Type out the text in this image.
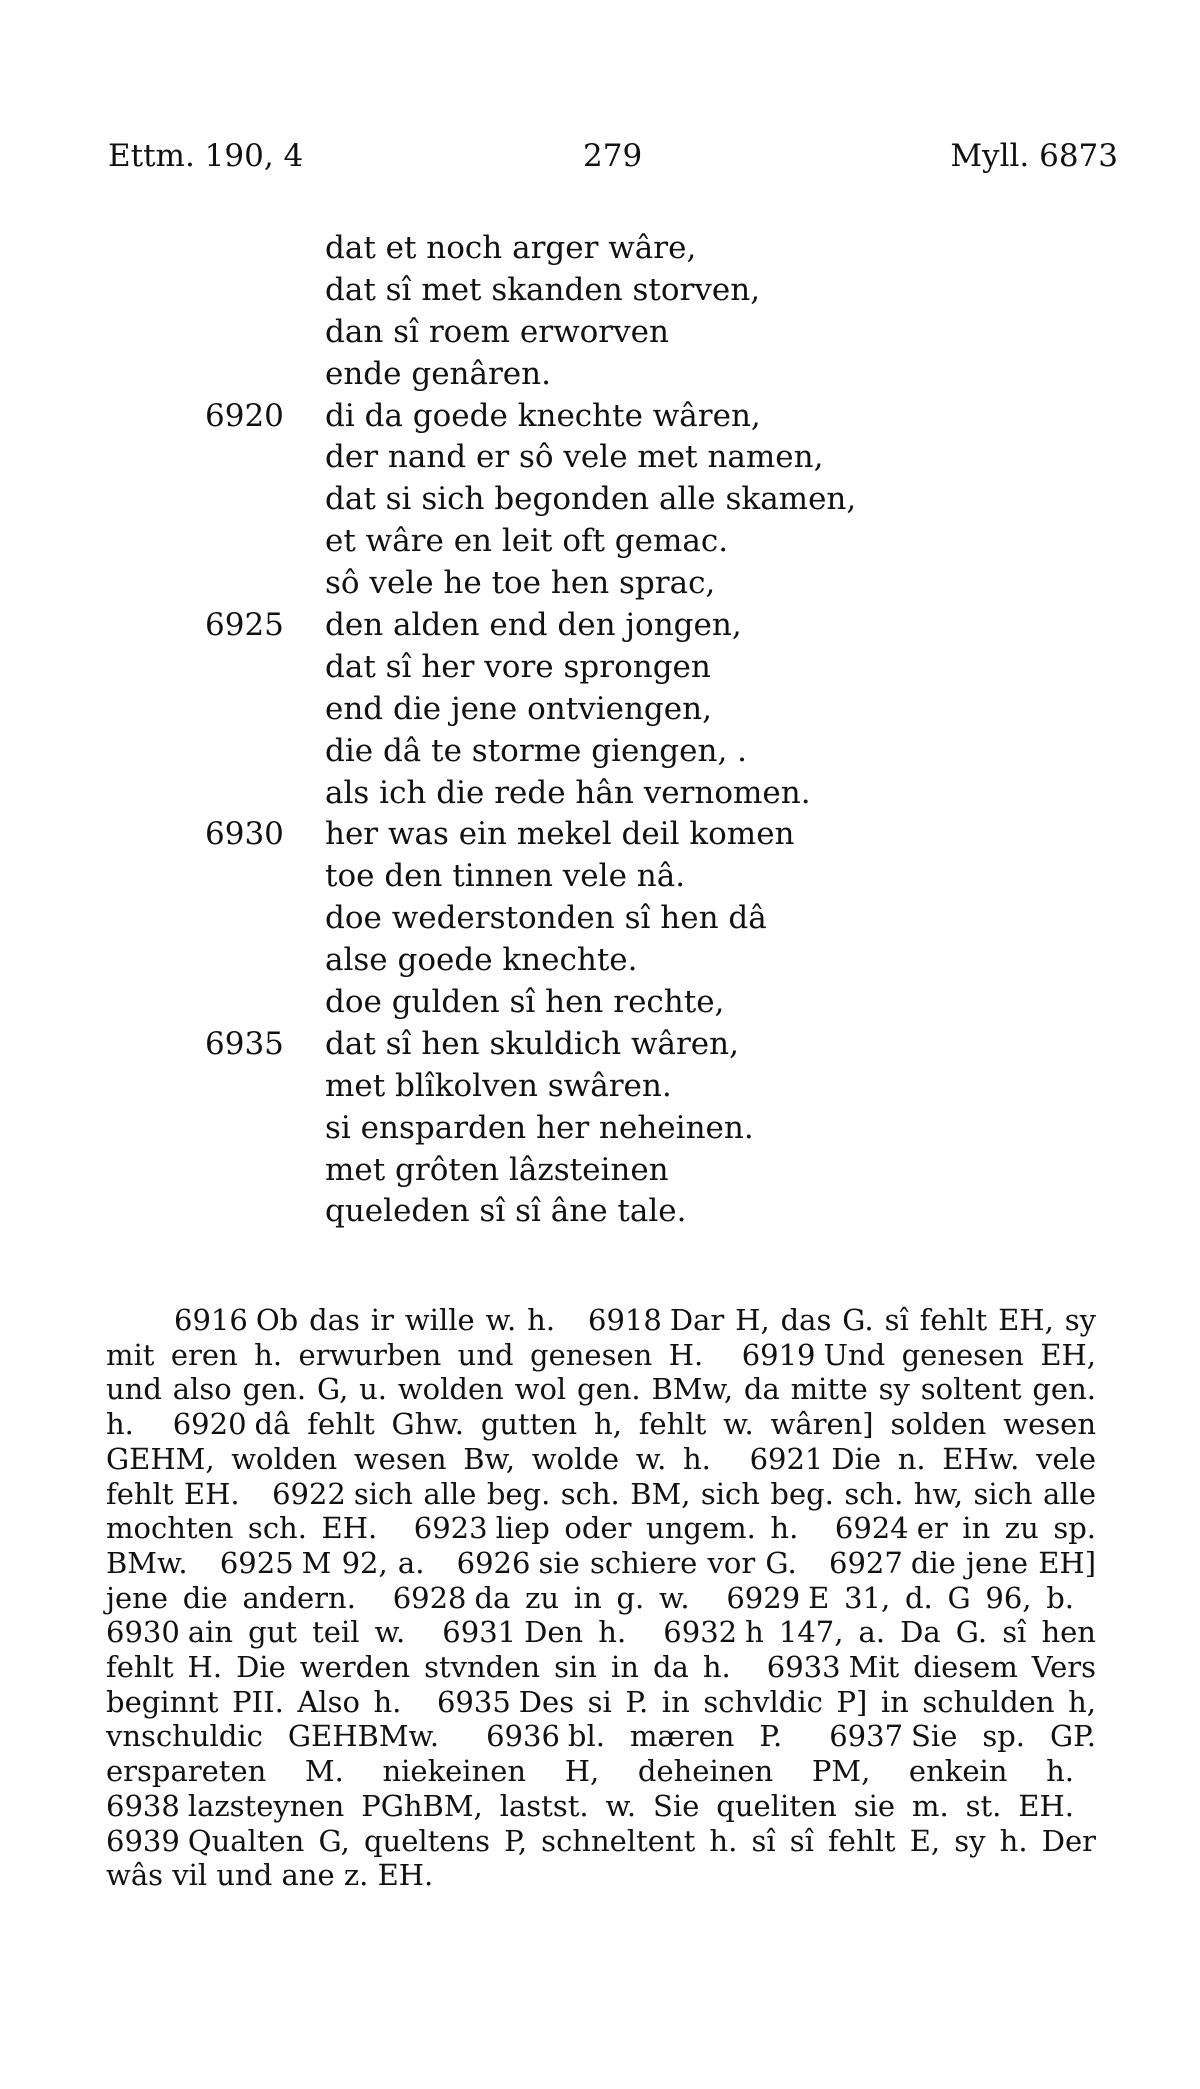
Ettm. 190, 4	279	Myll. 6873
dat et noch arger wâre,
dat sî met skanden storven,
dan sî roem erworven
ende genâren.
6920 di da goede knechte wâren,
der nand er sô vele met namen,
dat si sich begonden alle skamen,
et wâre en leit oft gemac.
sô vele he toe hen sprac,
6925 den alden end den jongen,
dat sî her vore sprongen
end die jene ontviengen,
die dâ te storme giengen, .
als ich die rede hân vernomen.
6930 her was ein mekel deil komen
toe den tinnen vele nâ.
doe wederstonden sî hen dâ
alse goede knechte.
doe gulden sî hen rechte,
6935 dat sî hen skuldich wâren,
met blîkolven swâren.
si ensparden her neheinen.
met grôten lâzsteinen
queleden sî sî âne tale.

6916 Ob das ir wille w. h. 6918 Dar H, das G. sî fehlt EH, sy mit eren h. erwurben und genesen H. 6919 Und genesen EH, und also gen. G, u. wolden wol gen. BMw, da mitte sy soltent gen. h. 6920 dâ fehlt Ghw. gutten h, fehlt w. wâren] solden wesen GEHM, wolden wesen Bw, wolde w. h. 6921 Die n. EHw. vele fehlt EH. 6922 sich alle beg. sch. BM, sich beg. sch. hw, sich alle mochten sch. EH. 6923 liep oder ungem. h. 6924 er in zu sp. BMw. 6925 M 92, a. 6926 sie schiere vor G. 6927 die jene EH] jene die andern. 6928 da zu in g. w. 6929 E 31, d. G 96, b. 6930 ain gut teil w. 6931 Den h. 6932 h 147, a. Da G. sî hen fehlt H. Die werden stvnden sin in da h. 6933 Mit diesem Vers beginnt PII. Also h. 6935 Des si P. in schvldic P] in schulden h, vnschuldic GEHBMw. 6936 bl. mæren P. 6937 Sie sp. GP. erspareten M. niekeinen H, deheinen PM, enkein h. 6938 lazsteynen PGhBM, lastst. w. Sie queliten sie m. st. EH. 6939 Qualten G, queltens P, schneltent h. sî sî fehlt E, sy h. Der wâs vil und ane z. EH.
